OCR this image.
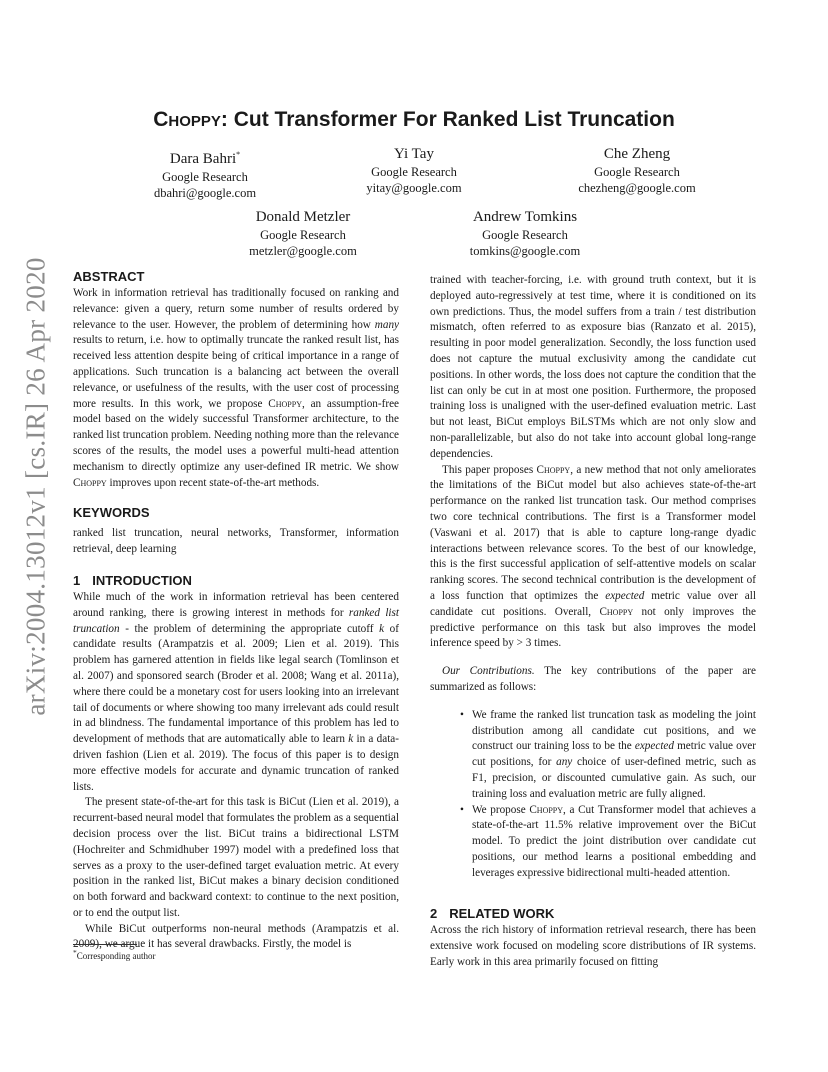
arXiv:2004.13012v1 [cs.IR] 26 Apr 2020
Choppy: Cut Transformer For Ranked List Truncation
Dara Bahri*
Google Research
dbahri@google.com
Yi Tay
Google Research
yitay@google.com
Che Zheng
Google Research
chezheng@google.com
Donald Metzler
Google Research
metzler@google.com
Andrew Tomkins
Google Research
tomkins@google.com
ABSTRACT

Work in information retrieval has traditionally focused on ranking and relevance: given a query, return some number of results ordered by relevance to the user. However, the problem of determining how many results to return, i.e. how to optimally truncate the ranked result list, has received less attention despite being of critical importance in a range of applications. Such truncation is a balancing act between the overall relevance, or usefulness of the results, with the user cost of processing more results. In this work, we propose Choppy, an assumption-free model based on the widely successful Transformer architecture, to the ranked list truncation problem. Needing nothing more than the relevance scores of the results, the model uses a powerful multi-head attention mechanism to directly optimize any user-defined IR metric. We show Choppy improves upon recent state-of-the-art methods.

KEYWORDS

ranked list truncation, neural networks, Transformer, information retrieval, deep learning

1 INTRODUCTION

While much of the work in information retrieval has been centered around ranking, there is growing interest in methods for ranked list truncation - the problem of determining the appropriate cutoff k of candidate results (Arampatzis et al. 2009; Lien et al. 2019). This problem has garnered attention in fields like legal search (Tomlinson et al. 2007) and sponsored search (Broder et al. 2008; Wang et al. 2011a), where there could be a monetary cost for users looking into an irrelevant tail of documents or where showing too many irrelevant ads could result in ad blindness. The fundamental importance of this problem has led to development of methods that are automatically able to learn k in a data-driven fashion (Lien et al. 2019). The focus of this paper is to design more effective models for accurate and dynamic truncation of ranked lists.

The present state-of-the-art for this task is BiCut (Lien et al. 2019), a recurrent-based neural model that formulates the problem as a sequential decision process over the list. BiCut trains a bidirectional LSTM (Hochreiter and Schmidhuber 1997) model with a predefined loss that serves as a proxy to the user-defined target evaluation metric. At every position in the ranked list, BiCut makes a binary decision conditioned on both forward and backward context: to continue to the next position, or to end the output list.

While BiCut outperforms non-neural methods (Arampatzis et al. 2009), we argue it has several drawbacks. Firstly, the model is

*Corresponding author

trained with teacher-forcing, i.e. with ground truth context, but it is deployed auto-regressively at test time, where it is conditioned on its own predictions. Thus, the model suffers from a train / test distribution mismatch, often referred to as exposure bias (Ranzato et al. 2015), resulting in poor model generalization. Secondly, the loss function used does not capture the mutual exclusivity among the candidate cut positions. In other words, the loss does not capture the condition that the list can only be cut in at most one position. Furthermore, the proposed training loss is unaligned with the user-defined evaluation metric. Last but not least, BiCut employs BiLSTMs which are not only slow and non-parallelizable, but also do not take into account global long-range dependencies.

This paper proposes Choppy, a new method that not only ameliorates the limitations of the BiCut model but also achieves state-of-the-art performance on the ranked list truncation task. Our method comprises two core technical contributions. The first is a Transformer model (Vaswani et al. 2017) that is able to capture long-range dyadic interactions between relevance scores. To the best of our knowledge, this is the first successful application of self-attentive models on scalar ranking scores. The second technical contribution is the development of a loss function that optimizes the expected metric value over all candidate cut positions. Overall, Choppy not only improves the predictive performance on this task but also improves the model inference speed by > 3 times.

Our Contributions. The key contributions of the paper are summarized as follows:

• We frame the ranked list truncation task as modeling the joint distribution among all candidate cut positions, and we construct our training loss to be the expected metric value over cut positions, for any choice of user-defined metric, such as F1, precision, or discounted cumulative gain. As such, our training loss and evaluation metric are fully aligned.
• We propose Choppy, a Cut Transformer model that achieves a state-of-the-art 11.5% relative improvement over the BiCut model. To predict the joint distribution over candidate cut positions, our method learns a positional embedding and leverages expressive bidirectional multi-headed attention.
2 RELATED WORK

Across the rich history of information retrieval research, there has been extensive work focused on modeling score distributions of IR systems. Early work in this area primarily focused on fitting
